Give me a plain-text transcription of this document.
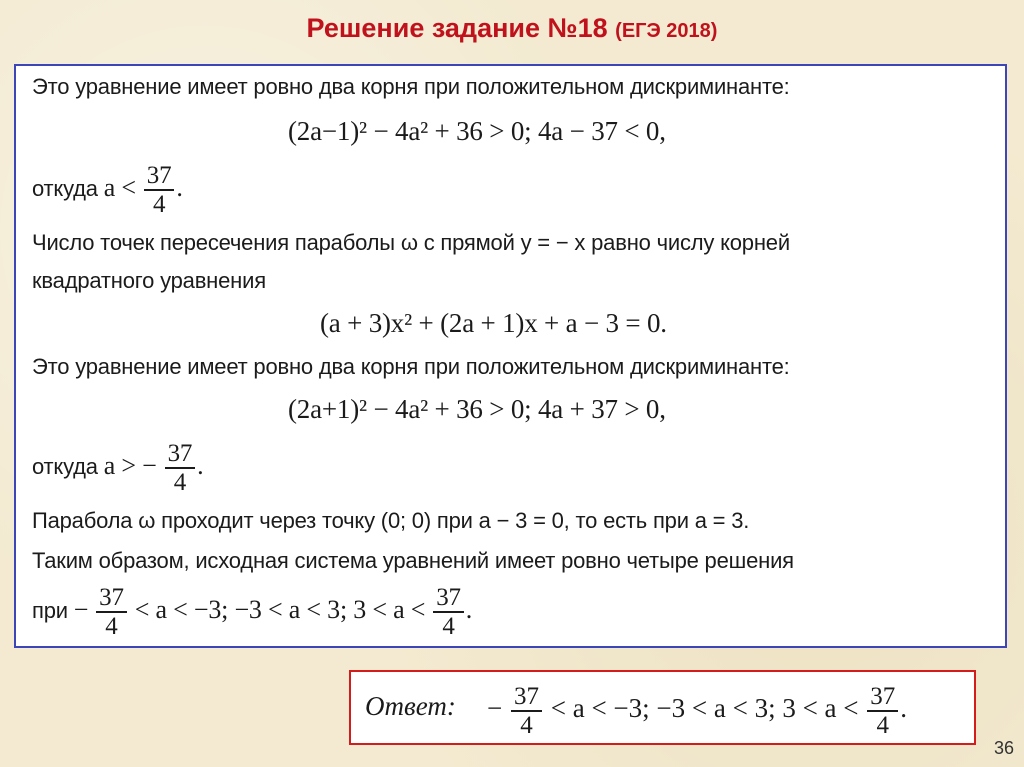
Решение задание №18 (ЕГЭ 2018)
Это уравнение имеет ровно два корня при положительном дискриминанте:
(2a−1)² − 4a² + 36 > 0; 4a − 37 < 0,
откуда $a < \frac{37}{4}$ .
Число точек пересечения параболы ω с прямой y = − x равно числу корней
квадратного уравнения
(a + 3)x² + (2a + 1)x + a − 3 = 0.
Это уравнение имеет ровно два корня при положительном дискриминанте:
(2a+1)² − 4a² + 36 > 0; 4a + 37 > 0,
откуда a > − $\frac{37}{4}$ .
Парабола ω проходит через точку (0; 0) при a − 3 = 0, то есть при a = 3.
Таким образом, исходная система уравнений имеет ровно четыре решения
при − $\frac{37}{4} < a < -3$; −3 < a < 3; $3 < a < \frac{37}{4}$ .
Ответ: − $\frac{37}{4} < a < -3$; −3 < a < 3; $3 < a < \frac{37}{4}$ .
36
